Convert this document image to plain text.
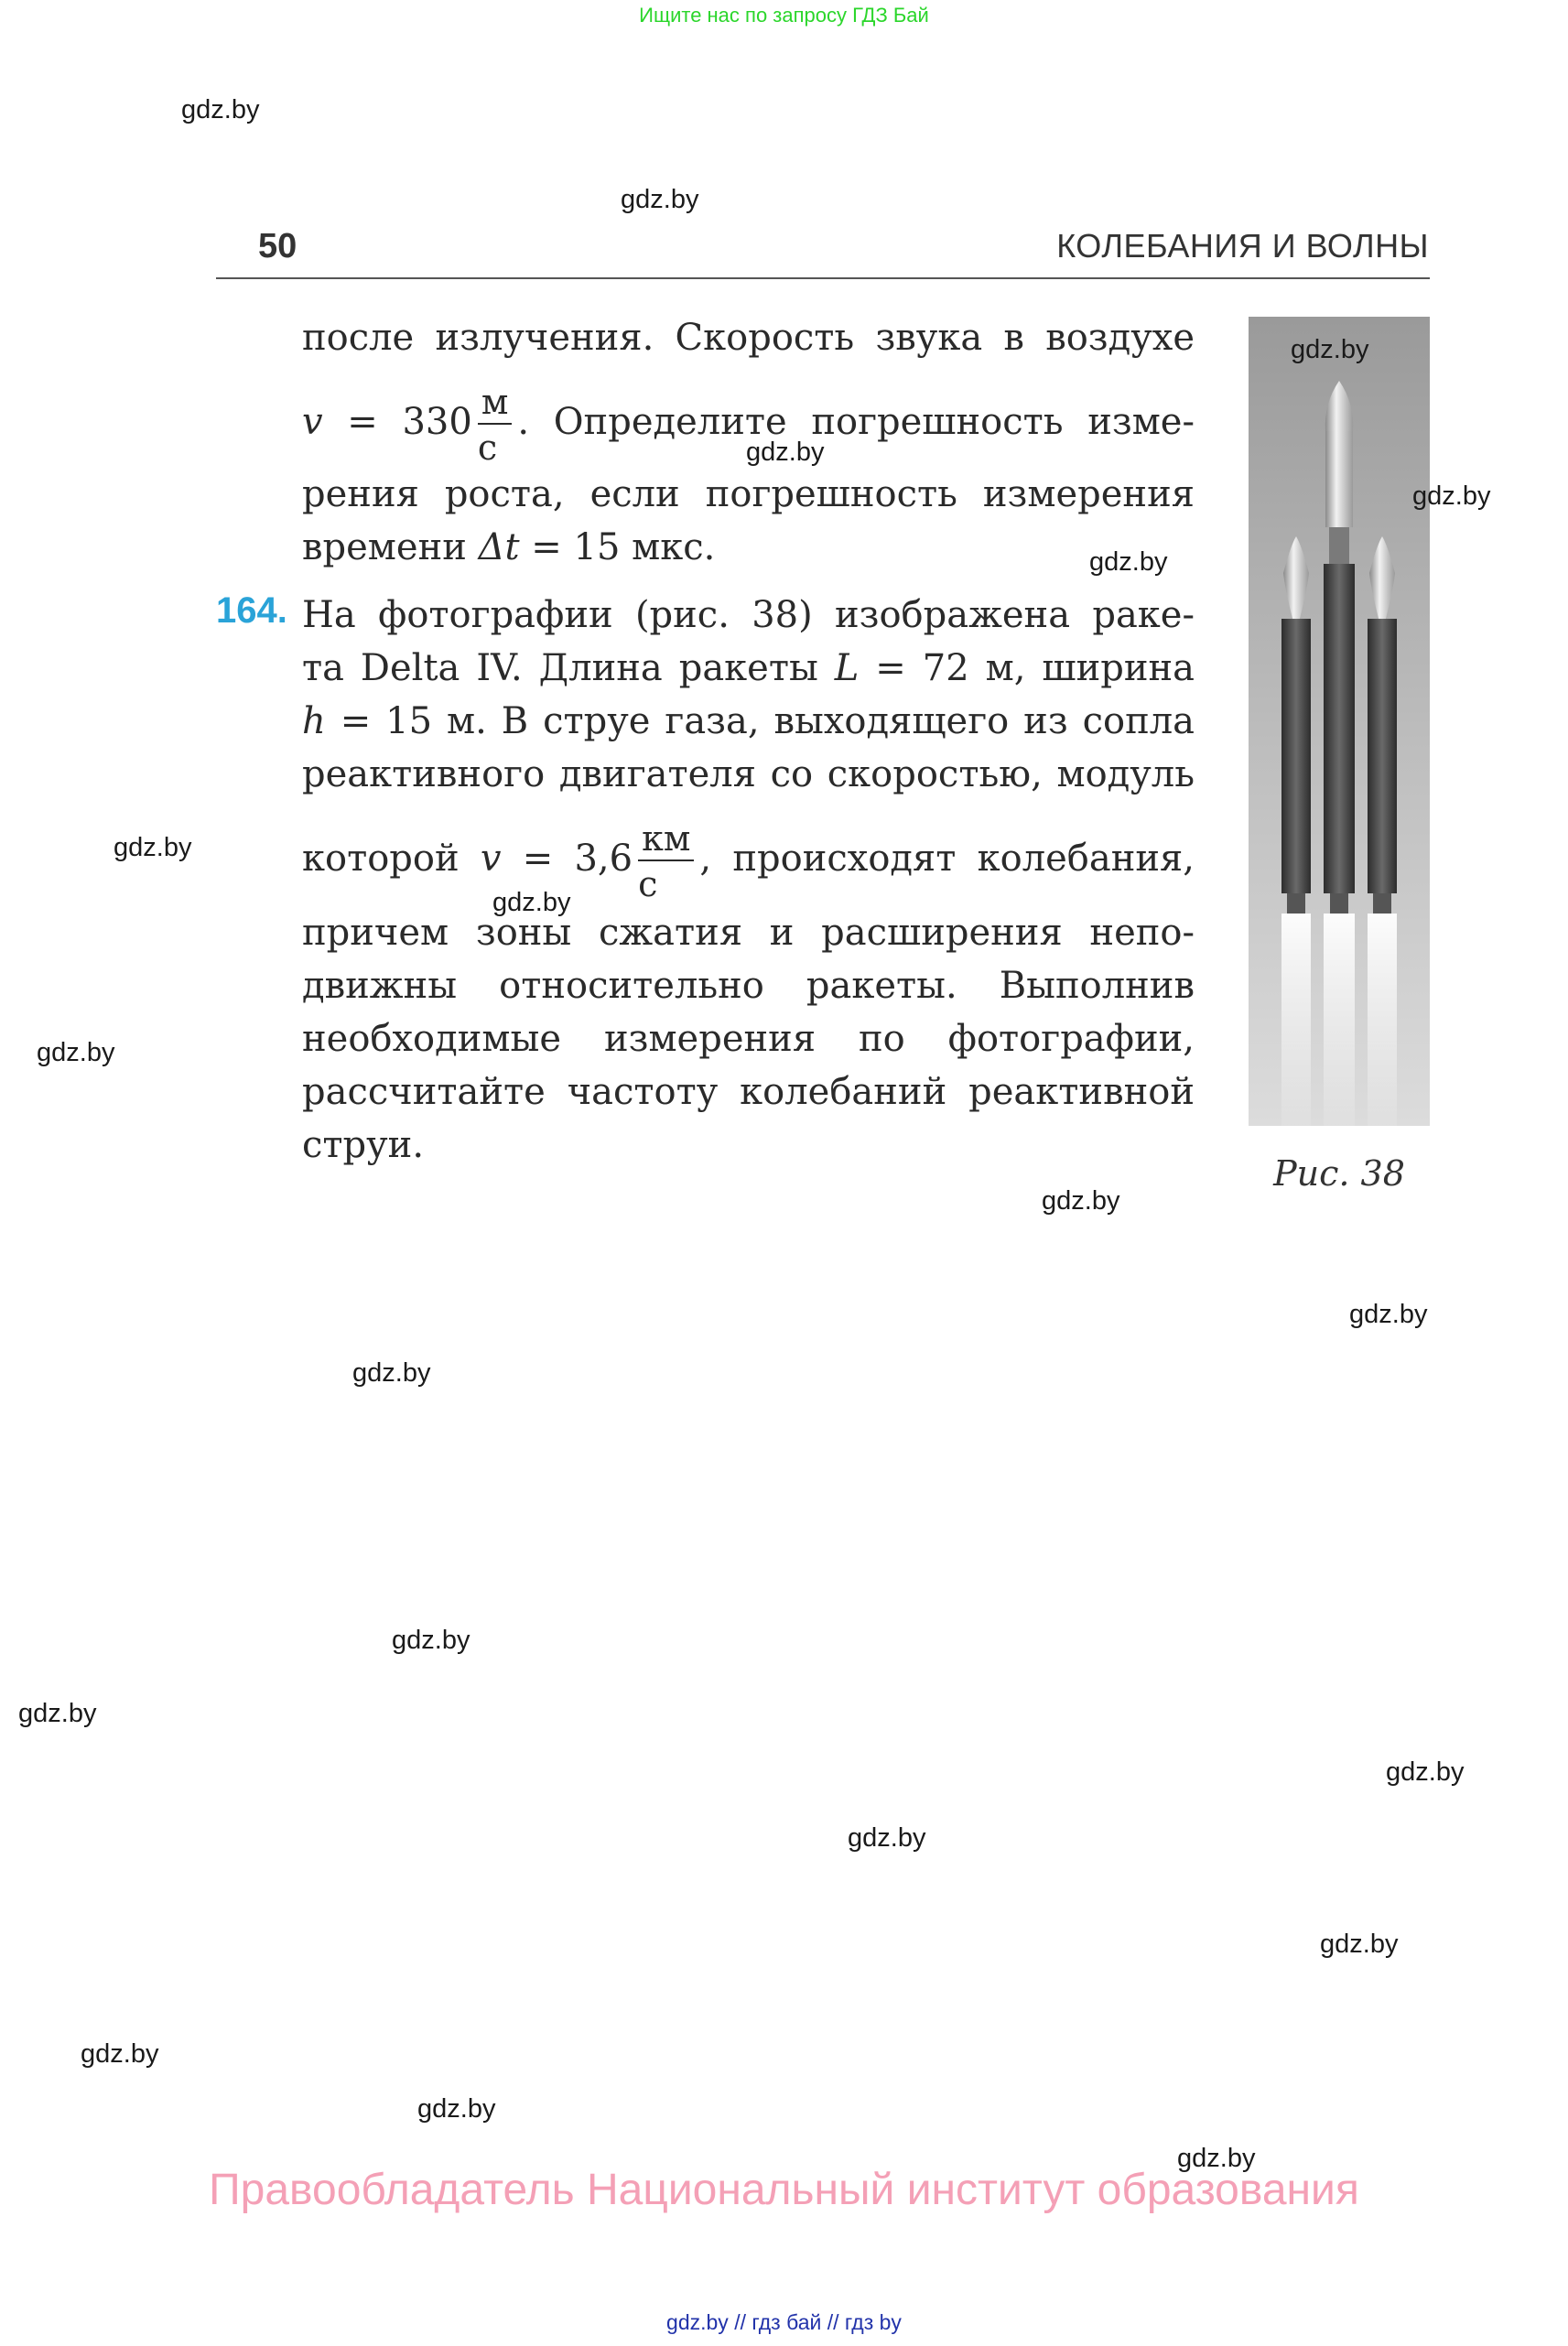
Ищите нас по запросу ГДЗ Бай
50	КОЛЕБАНИЯ И ВОЛНЫ
после излучения. Скорость звука в воздухе
$v = 330 \frac{м}{с}$ . Определите погрешность изме-
рения роста, если погрешность измерения
времени Δt = 15 мкс.
164. На фотографии (рис. 38) изображена раке-
та Delta IV. Длина ракеты L = 72 м, ширина
h = 15 м. В струе газа, выходящего из сопла
реактивного двигателя со скоростью, модуль
которой $v = 3,6 \frac{км}{с}$ , происходят колебания,
причем зоны сжатия и расширения непо-
движны относительно ракеты. Выполнив
необходимые измерения по фотографии,
рассчитайте частоту колебаний реактивной
струи.
Рис. 38
gdz.by
gdz.by
gdz.by
gdz.by
gdz.by
gdz.by
gdz.by
gdz.by
gdz.by
gdz.by
gdz.by
gdz.by
gdz.by
gdz.by
gdz.by
gdz.by
gdz.by
gdz.by
gdz.by
gdz.by
Правообладатель Национальный институт образования
gdz.by // гдз бай // гдз by
